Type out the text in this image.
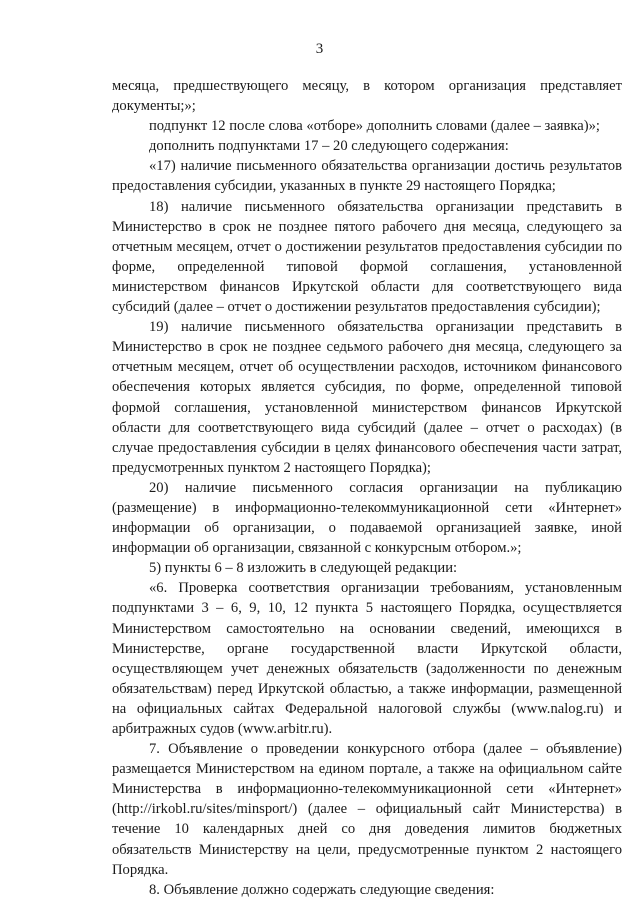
3

месяца, предшествующего месяцу, в котором организация представляет документы;»;

подпункт 12 после слова «отборе» дополнить словами (далее – заявка)»;

дополнить подпунктами 17 – 20 следующего содержания:

«17) наличие письменного обязательства организации достичь результатов предоставления субсидии, указанных в пункте 29 настоящего Порядка;

18) наличие письменного обязательства организации представить в Министерство в срок не позднее пятого рабочего дня месяца, следующего за отчетным месяцем, отчет о достижении результатов предоставления субсидии по форме, определенной типовой формой соглашения, установленной министерством финансов Иркутской области для соответствующего вида субсидий (далее – отчет о достижении результатов предоставления субсидии);

19) наличие письменного обязательства организации представить в Министерство в срок не позднее седьмого рабочего дня месяца, следующего за отчетным месяцем, отчет об осуществлении расходов, источником финансового обеспечения которых является субсидия, по форме, определенной типовой формой соглашения, установленной министерством финансов Иркутской области для соответствующего вида субсидий (далее – отчет о расходах) (в случае предоставления субсидии в целях финансового обеспечения части затрат, предусмотренных пунктом 2 настоящего Порядка);

20) наличие письменного согласия организации на публикацию (размещение) в информационно-телекоммуникационной сети «Интернет» информации об организации, о подаваемой организацией заявке, иной информации об организации, связанной с конкурсным отбором.»;

5) пункты 6 – 8 изложить в следующей редакции:

«6. Проверка соответствия организации требованиям, установленным подпунктами 3 – 6, 9, 10, 12 пункта 5 настоящего Порядка, осуществляется Министерством самостоятельно на основании сведений, имеющихся в Министерстве, органе государственной власти Иркутской области, осуществляющем учет денежных обязательств (задолженности по денежным обязательствам) перед Иркутской областью, а также информации, размещенной на официальных сайтах Федеральной налоговой службы (www.nalog.ru) и арбитражных судов (www.arbitr.ru).

7. Объявление о проведении конкурсного отбора (далее – объявление) размещается Министерством на едином портале, а также на официальном сайте Министерства в информационно-телекоммуникационной сети «Интернет» (http://irkobl.ru/sites/minsport/) (далее – официальный сайт Министерства) в течение 10 календарных дней со дня доведения лимитов бюджетных обязательств Министерству на цели, предусмотренные пунктом 2 настоящего Порядка.

8. Объявление должно содержать следующие сведения:
